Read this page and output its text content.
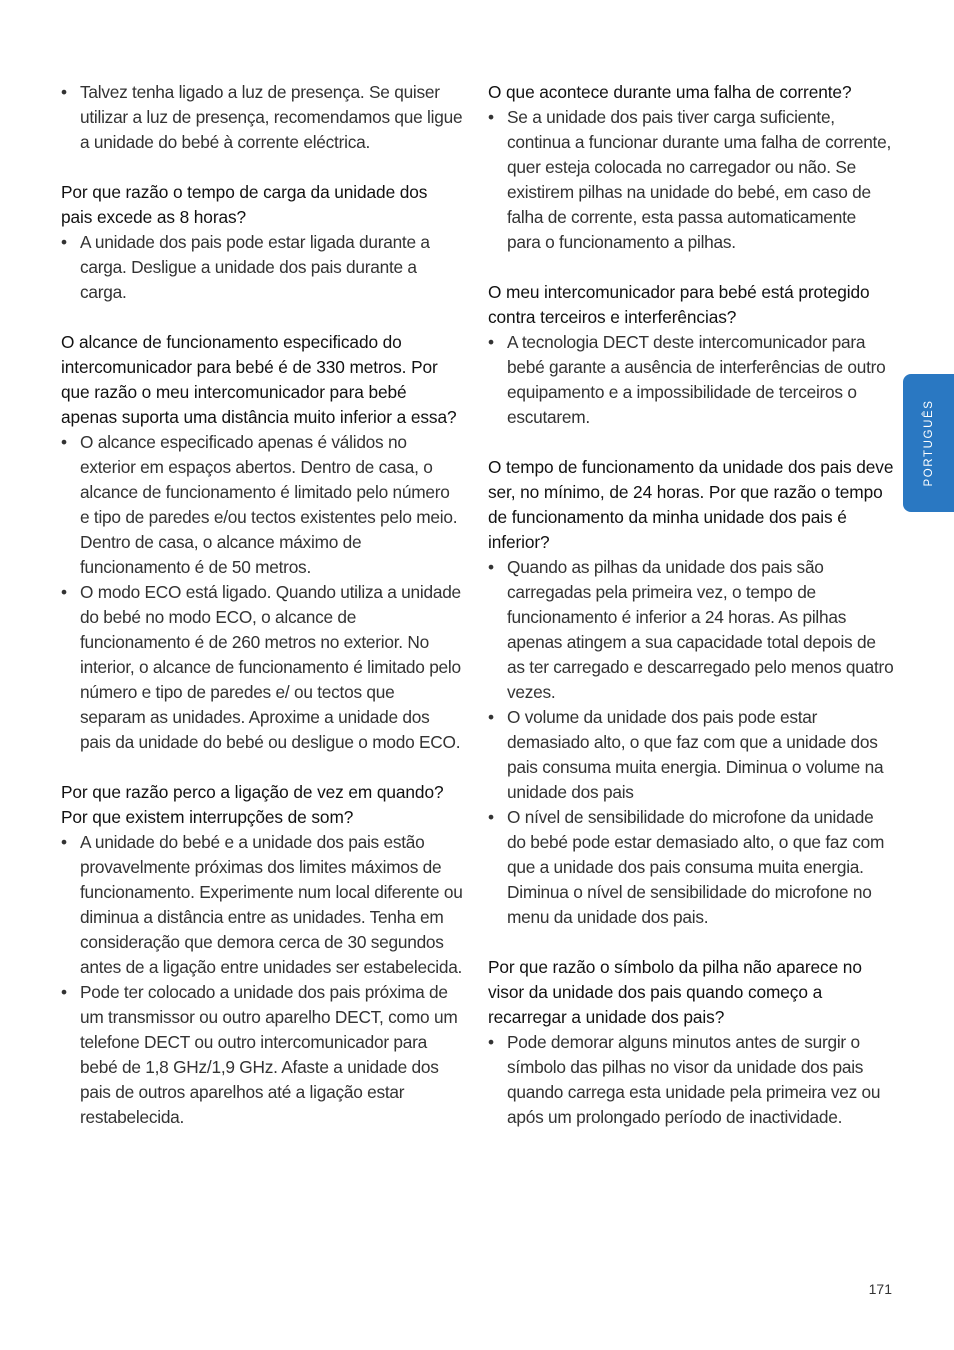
• Talvez tenha ligado a luz de presença. Se quiser utilizar a luz de presença, recomendamos que ligue a unidade do bebé à corrente eléctrica.

Por que razão o tempo de carga da unidade dos pais excede as 8 horas?

• A unidade dos pais pode estar ligada durante a carga. Desligue a unidade dos pais durante a carga.

O alcance de funcionamento especificado do intercomunicador para bebé é de 330 metros. Por que razão o meu intercomunicador para bebé apenas suporta uma distância muito inferior a essa?

• O alcance especificado apenas é válidos no exterior em espaços abertos. Dentro de casa, o alcance de funcionamento é limitado pelo número e tipo de paredes e/ou tectos existentes pelo meio. Dentro de casa, o alcance máximo de funcionamento é de 50 metros.
• O modo ECO está ligado. Quando utiliza a unidade do bebé no modo ECO, o alcance de funcionamento é de 260 metros no exterior. No interior, o alcance de funcionamento é limitado pelo número e tipo de paredes e/ ou tectos que separam as unidades. Aproxime a unidade dos pais da unidade do bebé ou desligue o modo ECO.

Por que razão perco a ligação de vez em quando? Por que existem interrupções de som?

• A unidade do bebé e a unidade dos pais estão provavelmente próximas dos limites máximos de funcionamento. Experimente num local diferente ou diminua a distância entre as unidades. Tenha em consideração que demora cerca de 30 segundos antes de a ligação entre unidades ser estabelecida.
• Pode ter colocado a unidade dos pais próxima de um transmissor ou outro aparelho DECT, como um telefone DECT ou outro intercomunicador para bebé de 1,8 GHz/1,9 GHz. Afaste a unidade dos pais de outros aparelhos até a ligação estar restabelecida.

O que acontece durante uma falha de corrente?

• Se a unidade dos pais tiver carga suficiente, continua a funcionar durante uma falha de corrente, quer esteja colocada no carregador ou não. Se existirem pilhas na unidade do bebé, em caso de falha de corrente, esta passa automaticamente para o funcionamento a pilhas.

O meu intercomunicador para bebé está protegido contra terceiros e interferências?

• A tecnologia DECT deste intercomunicador para bebé garante a ausência de interferências de outro equipamento e a impossibilidade de terceiros o escutarem.

O tempo de funcionamento da unidade dos pais deve ser, no mínimo, de 24 horas. Por que razão o tempo de funcionamento da minha unidade dos pais é inferior?

• Quando as pilhas da unidade dos pais são carregadas pela primeira vez, o tempo de funcionamento é inferior a 24 horas. As pilhas apenas atingem a sua capacidade total depois de as ter carregado e descarregado pelo menos quatro vezes.
• O volume da unidade dos pais pode estar demasiado alto, o que faz com que a unidade dos pais consuma muita energia. Diminua o volume na unidade dos pais
• O nível de sensibilidade do microfone da unidade do bebé pode estar demasiado alto, o que faz com que a unidade dos pais consuma muita energia. Diminua o nível de sensibilidade do microfone no menu da unidade dos pais.

Por que razão o símbolo da pilha não aparece no visor da unidade dos pais quando começo a recarregar a unidade dos pais?

• Pode demorar alguns minutos antes de surgir o símbolo das pilhas no visor da unidade dos pais quando carrega esta unidade pela primeira vez ou após um prolongado período de inactividade.
PORTUGUÊS
171
